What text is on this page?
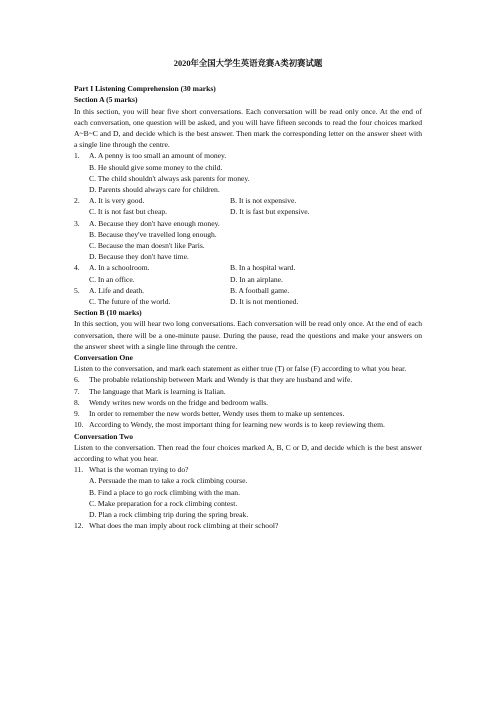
2020年全国大学生英语竞赛A类初赛试题
Part I Listening Comprehension (30 marks)
Section A (5 marks)
In this section, you will hear five short conversations. Each conversation will be read only once. At the end of each conversation, one question will be asked, and you will have fifteen seconds to read the four choices marked A~B~C and D, and decide which is the best answer. Then mark the corresponding letter on the answer sheet with a single line through the centre.
1.	A. A penny is too small an amount of money.
B. He should give some money to the child.
C. The child shouldn't always ask parents for money.
D. Parents should always care for children.
2.	A. It is very good.	B. It is not expensive.
C. It is not fast but cheap.	D. It is fast but expensive.
3.	A. Because they don't have enough money.
B. Because they've travelled long enough.
C. Because the man doesn't like Paris.
D. Because they don't have time.
4.	A. In a schoolroom.	B. In a hospital ward.
C. In an office.	D. In an airplane.
5.	A. Life and death.	B. A football game.
C. The future of the world.	D. It is not mentioned.
Section B (10 marks)
In this section, you will hear two long conversations. Each conversation will be read only once. At the end of each conversation, there will be a one-minute pause. During the pause, read the questions and make your answers on the answer sheet with a single line through the centre.
Conversation One
Listen to the conversation, and mark each statement as either true (T) or false (F) according to what you hear.
6.	The probable relationship between Mark and Wendy is that they are husband and wife.
7.	The language that Mark is learning is Italian.
8.	Wendy writes new words on the fridge and bedroom walls.
9.	In order to remember the new words better, Wendy uses them to make up sentences.
10. According to Wendy, the most important thing for learning new words is to keep reviewing them.
Conversation Two
Listen to the conversation. Then read the four choices marked A, B, C or D, and decide which is the best answer according to what you hear.
11. What is the woman trying to do?
A. Persuade the man to take a rock climbing course.
B. Find a place to go rock climbing with the man.
C. Make preparation for a rock climbing contest.
D. Plan a rock climbing trip during the spring break.
12. What does the man imply about rock climbing at their school?
